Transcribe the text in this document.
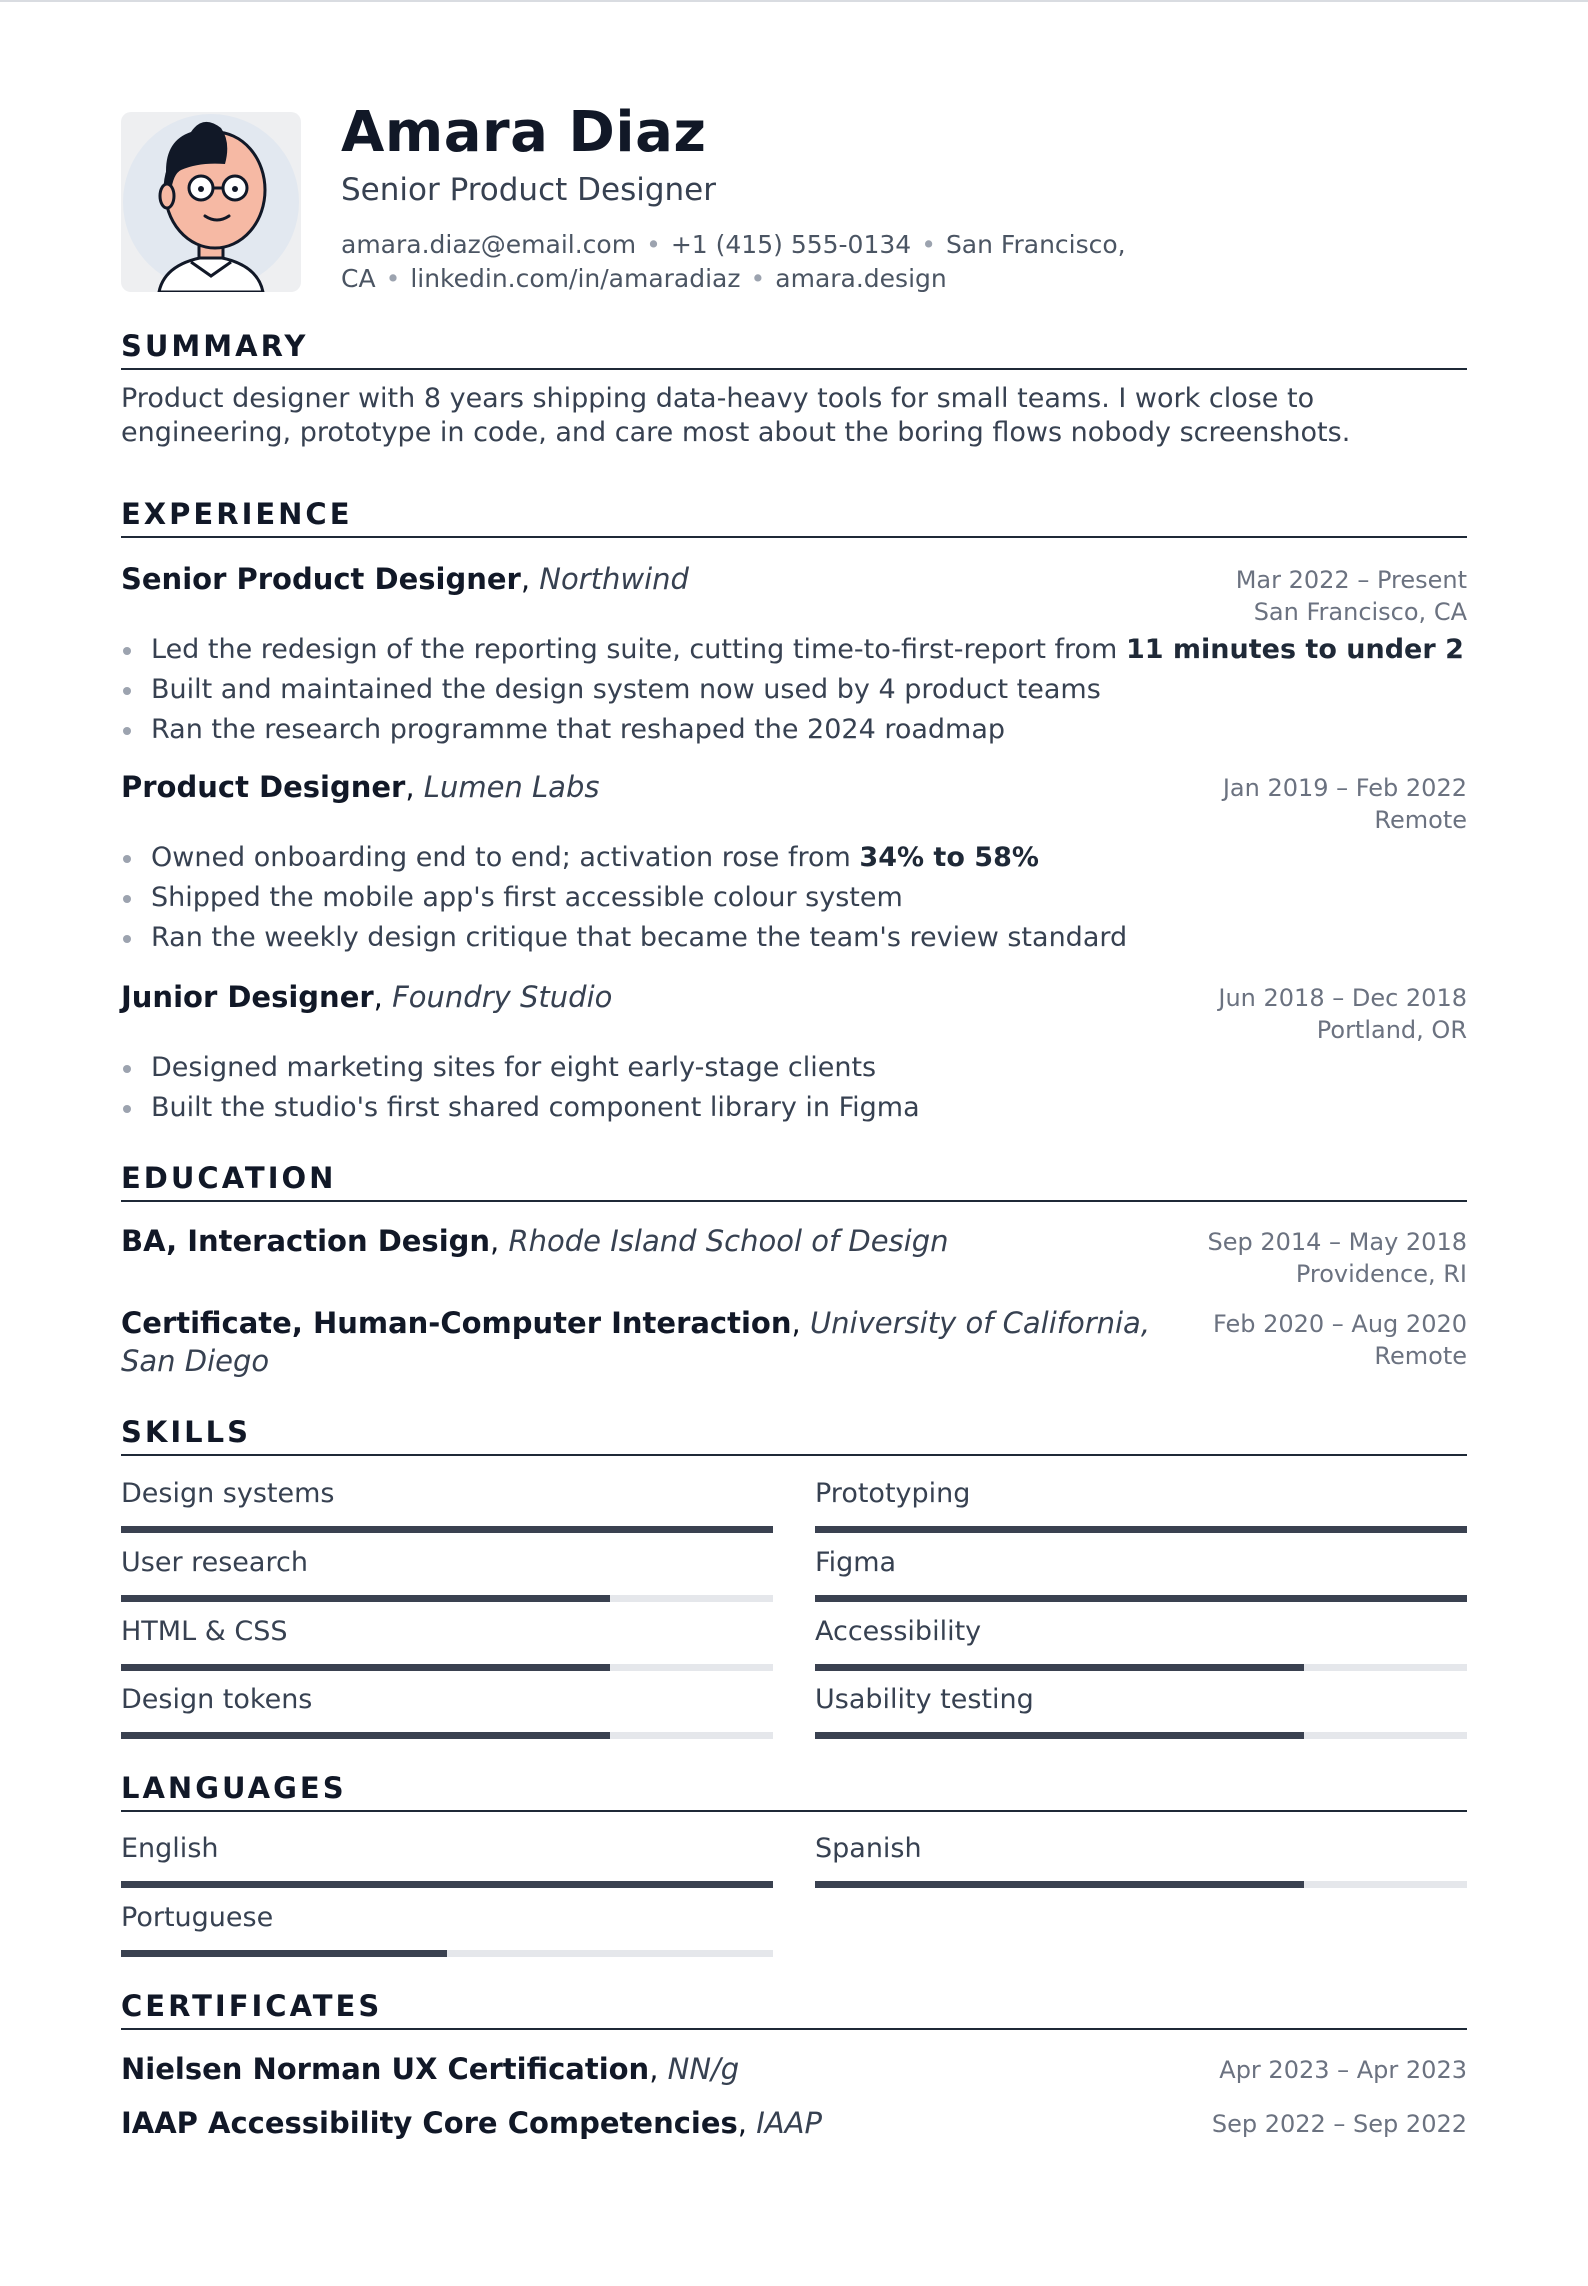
Amara Diaz
Senior Product Designer
amara.diaz@email.com • +1 (415) 555-0134 • San Francisco, CA • linkedin.com/in/amaradiaz • amara.design
SUMMARY
Product designer with 8 years shipping data-heavy tools for small teams. I work close to engineering, prototype in code, and care most about the boring flows nobody screenshots.
EXPERIENCE
Senior Product Designer, Northwind	Mar 2022 – Present
San Francisco, CA
Led the redesign of the reporting suite, cutting time-to-first-report from 11 minutes to under 2
Built and maintained the design system now used by 4 product teams
Ran the research programme that reshaped the 2024 roadmap
Product Designer, Lumen Labs	Jan 2019 – Feb 2022
Remote
Owned onboarding end to end; activation rose from 34% to 58%
Shipped the mobile app's first accessible colour system
Ran the weekly design critique that became the team's review standard
Junior Designer, Foundry Studio	Jun 2018 – Dec 2018
Portland, OR
Designed marketing sites for eight early-stage clients
Built the studio's first shared component library in Figma
EDUCATION
BA, Interaction Design, Rhode Island School of Design	Sep 2014 – May 2018
Providence, RI
Certificate, Human-Computer Interaction, University of California, San Diego
Feb 2020 – Aug 2020
Remote
SKILLS
Design systems	Prototyping
User research	Figma
HTML & CSS	Accessibility
Design tokens	Usability testing
LANGUAGES
English	Spanish
Portuguese
CERTIFICATES
Nielsen Norman UX Certification, NN/g	Apr 2023 – Apr 2023
IAAP Accessibility Core Competencies, IAAP	Sep 2022 – Sep 2022
